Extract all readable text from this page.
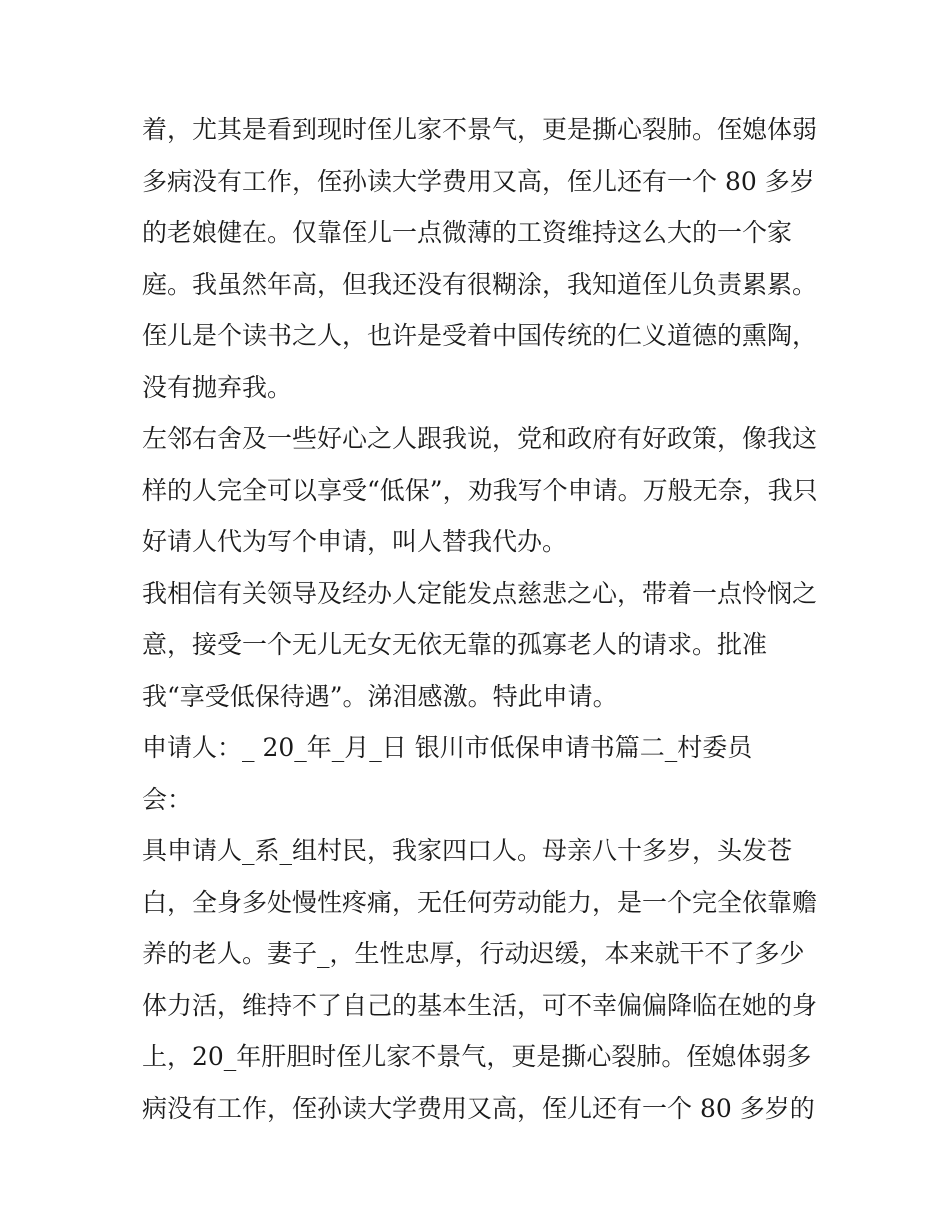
着，尤其是看到现时侄儿家不景气，更是撕心裂肺。侄媳体弱
多病没有工作，侄孙读大学费用又高，侄儿还有一个 80 多岁
的老娘健在。仅靠侄儿一点微薄的工资维持这么大的一个家
庭。我虽然年高，但我还没有很糊涂，我知道侄儿负责累累。
侄儿是个读书之人，也许是受着中国传统的仁义道德的熏陶，
没有抛弃我。
左邻右舍及一些好心之人跟我说，党和政府有好政策，像我这
样的人完全可以享受“低保”，劝我写个申请。万般无奈，我只
好请人代为写个申请，叫人替我代办。
我相信有关领导及经办人定能发点慈悲之心，带着一点怜悯之
意，接受一个无儿无女无依无靠的孤寡老人的请求。批准
我“享受低保待遇”。涕泪感激。特此申请。
申请人：_ 20_年_月_日 银川市低保申请书篇二_村委员
会：
具申请人_系_组村民，我家四口人。母亲八十多岁，头发苍
白，全身多处慢性疼痛，无任何劳动能力，是一个完全依靠赡
养的老人。妻子_，生性忠厚，行动迟缓，本来就干不了多少
体力活，维持不了自己的基本生活，可不幸偏偏降临在她的身
上，20_年肝胆时侄儿家不景气，更是撕心裂肺。侄媳体弱多
病没有工作，侄孙读大学费用又高，侄儿还有一个 80 多岁的
